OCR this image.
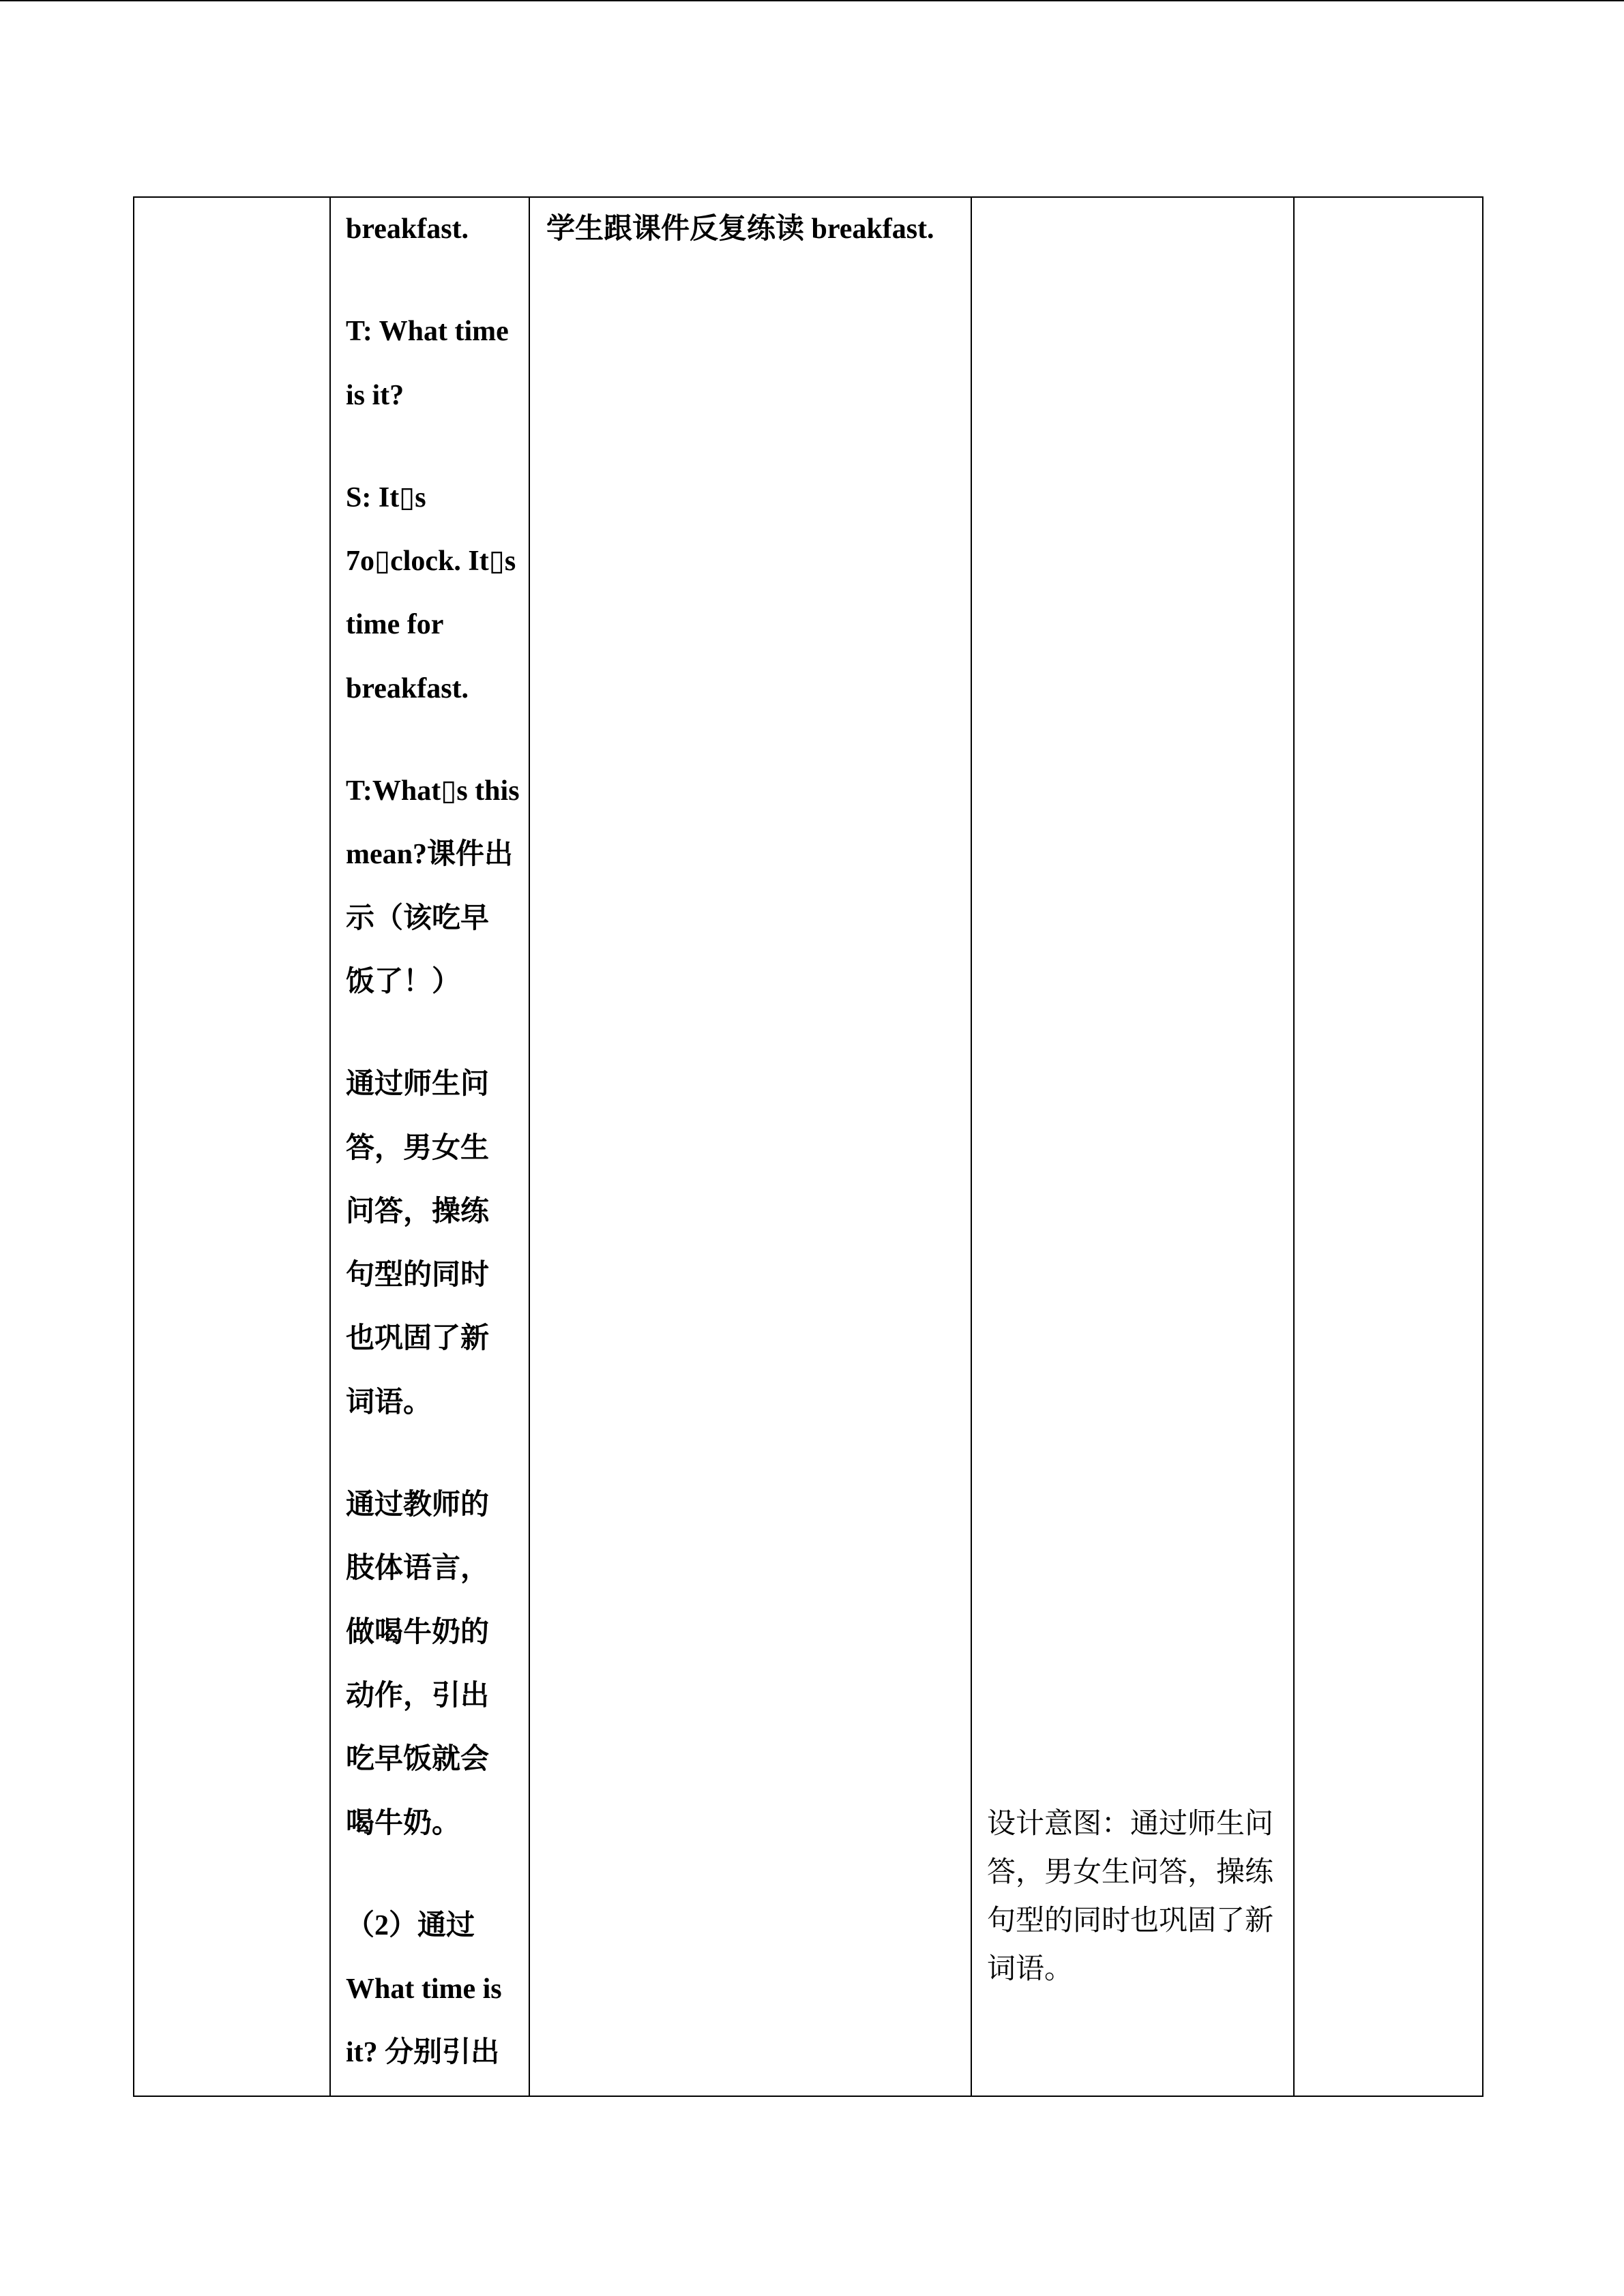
breakfast.
T: What time
is it?
S: It▯s
7o▯clock. It▯s
time for
breakfast.
T:What▯s this
mean?课件出
示（该吃早
饭了！）
通过师生问
答，男女生
问答，操练
句型的同时
也巩固了新
词语。
通过教师的
肢体语言，
做喝牛奶的
动作，引出
吃早饭就会
喝牛奶。
（2）通过
What time is
it? 分别引出
学生跟课件反复练读 breakfast.
设计意图：通过师生问
答，男女生问答，操练
句型的同时也巩固了新
词语。
